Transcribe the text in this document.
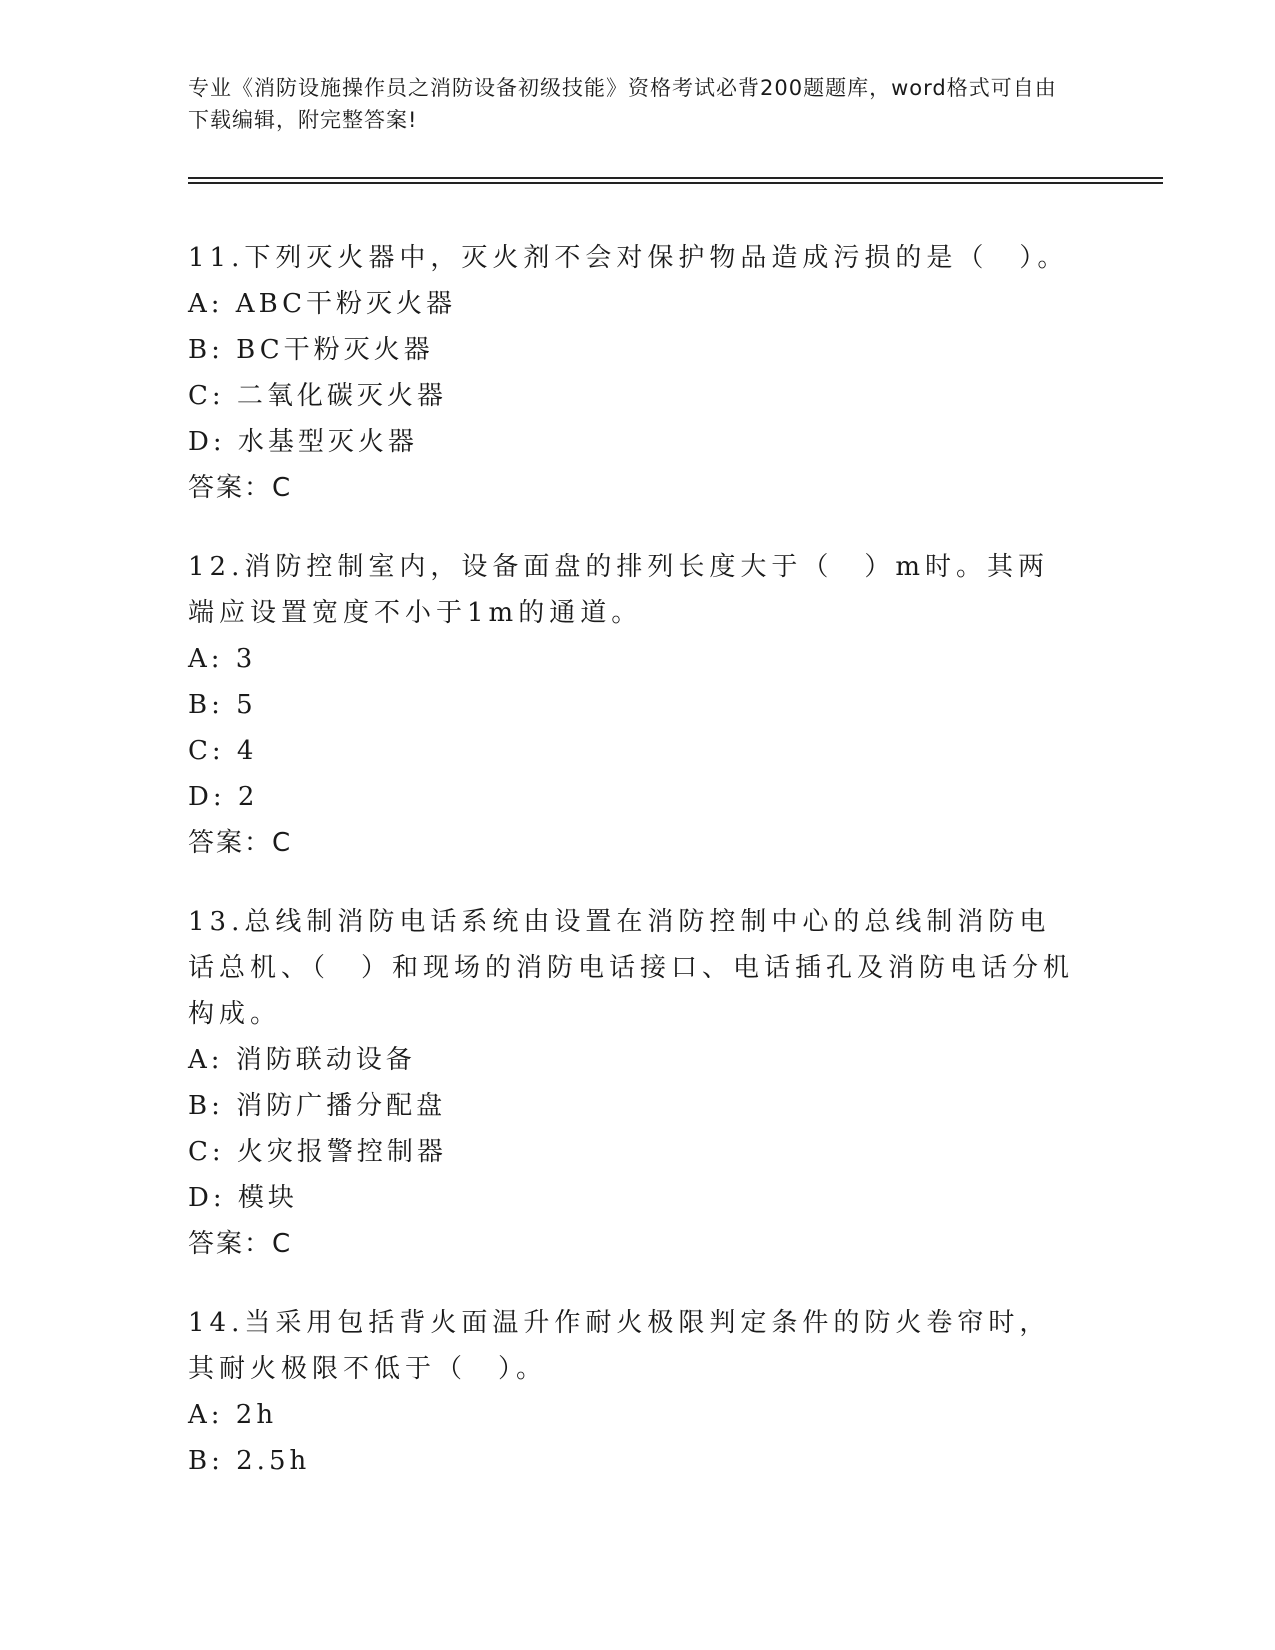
专业《消防设施操作员之消防设备初级技能》资格考试必背200题题库，word格式可自由下载编辑，附完整答案!
11.下列灭火器中，灭火剂不会对保护物品造成污损的是（　）。
A: ABC干粉灭火器
B: BC干粉灭火器
C: 二氧化碳灭火器
D: 水基型灭火器
答案：C
12.消防控制室内，设备面盘的排列长度大于（　）m时。其两端应设置宽度不小于1m的通道。
A: 3
B: 5
C: 4
D: 2
答案：C
13.总线制消防电话系统由设置在消防控制中心的总线制消防电话总机、（　）和现场的消防电话接口、电话插孔及消防电话分机构成。
A: 消防联动设备
B: 消防广播分配盘
C: 火灾报警控制器
D: 模块
答案：C
14.当采用包括背火面温升作耐火极限判定条件的防火卷帘时，其耐火极限不低于（　）。
A: 2h
B: 2.5h
